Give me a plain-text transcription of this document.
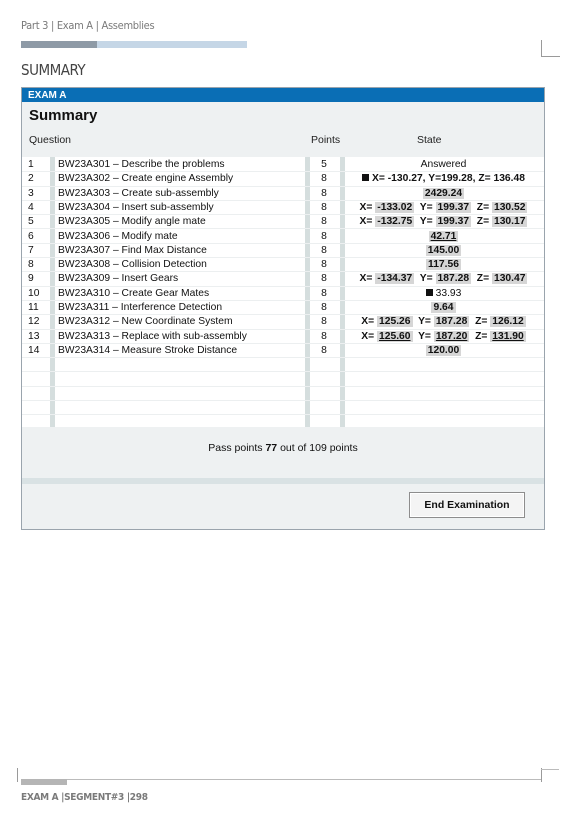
Part 3 | Exam A | Assemblies
SUMMARY
EXAM A
Summary
Question	Points	State
1 BW23A301 – Describe the problems	5	Answered
2 BW23A302 – Create engine Assembly	8	X= -130.27, Y=199.28, Z= 136.48
3 BW23A303 – Create sub-assembly	8	2429.24
4 BW23A304 – Insert sub-assembly	8	X= -133.02 Y= 199.37 Z= 130.52
5 BW23A305 – Modify angle mate	8	X= -132.75 Y= 199.37 Z= 130.17
6 BW23A306 – Modify mate	8	42.71
7 BW23A307 – Find Max Distance	8	145.00
8 BW23A308 – Collision Detection	8	117.56
9 BW23A309 – Insert Gears	8	X= -134.37 Y= 187.28 Z= 130.47
10 BW23A310 – Create Gear Mates	8	33.93
11 BW23A311 – Interference Detection	8	9.64
12 BW23A312 – New Coordinate System	8	X= 125.26 Y= 187.28 Z= 126.12
13 BW23A313 – Replace with sub-assembly	8	X= 125.60 Y= 187.20 Z= 131.90
14 BW23A314 – Measure Stroke Distance	8	120.00
Pass points 77 out of 109 points
End Examination
EXAM A |SEGMENT#3 |298
